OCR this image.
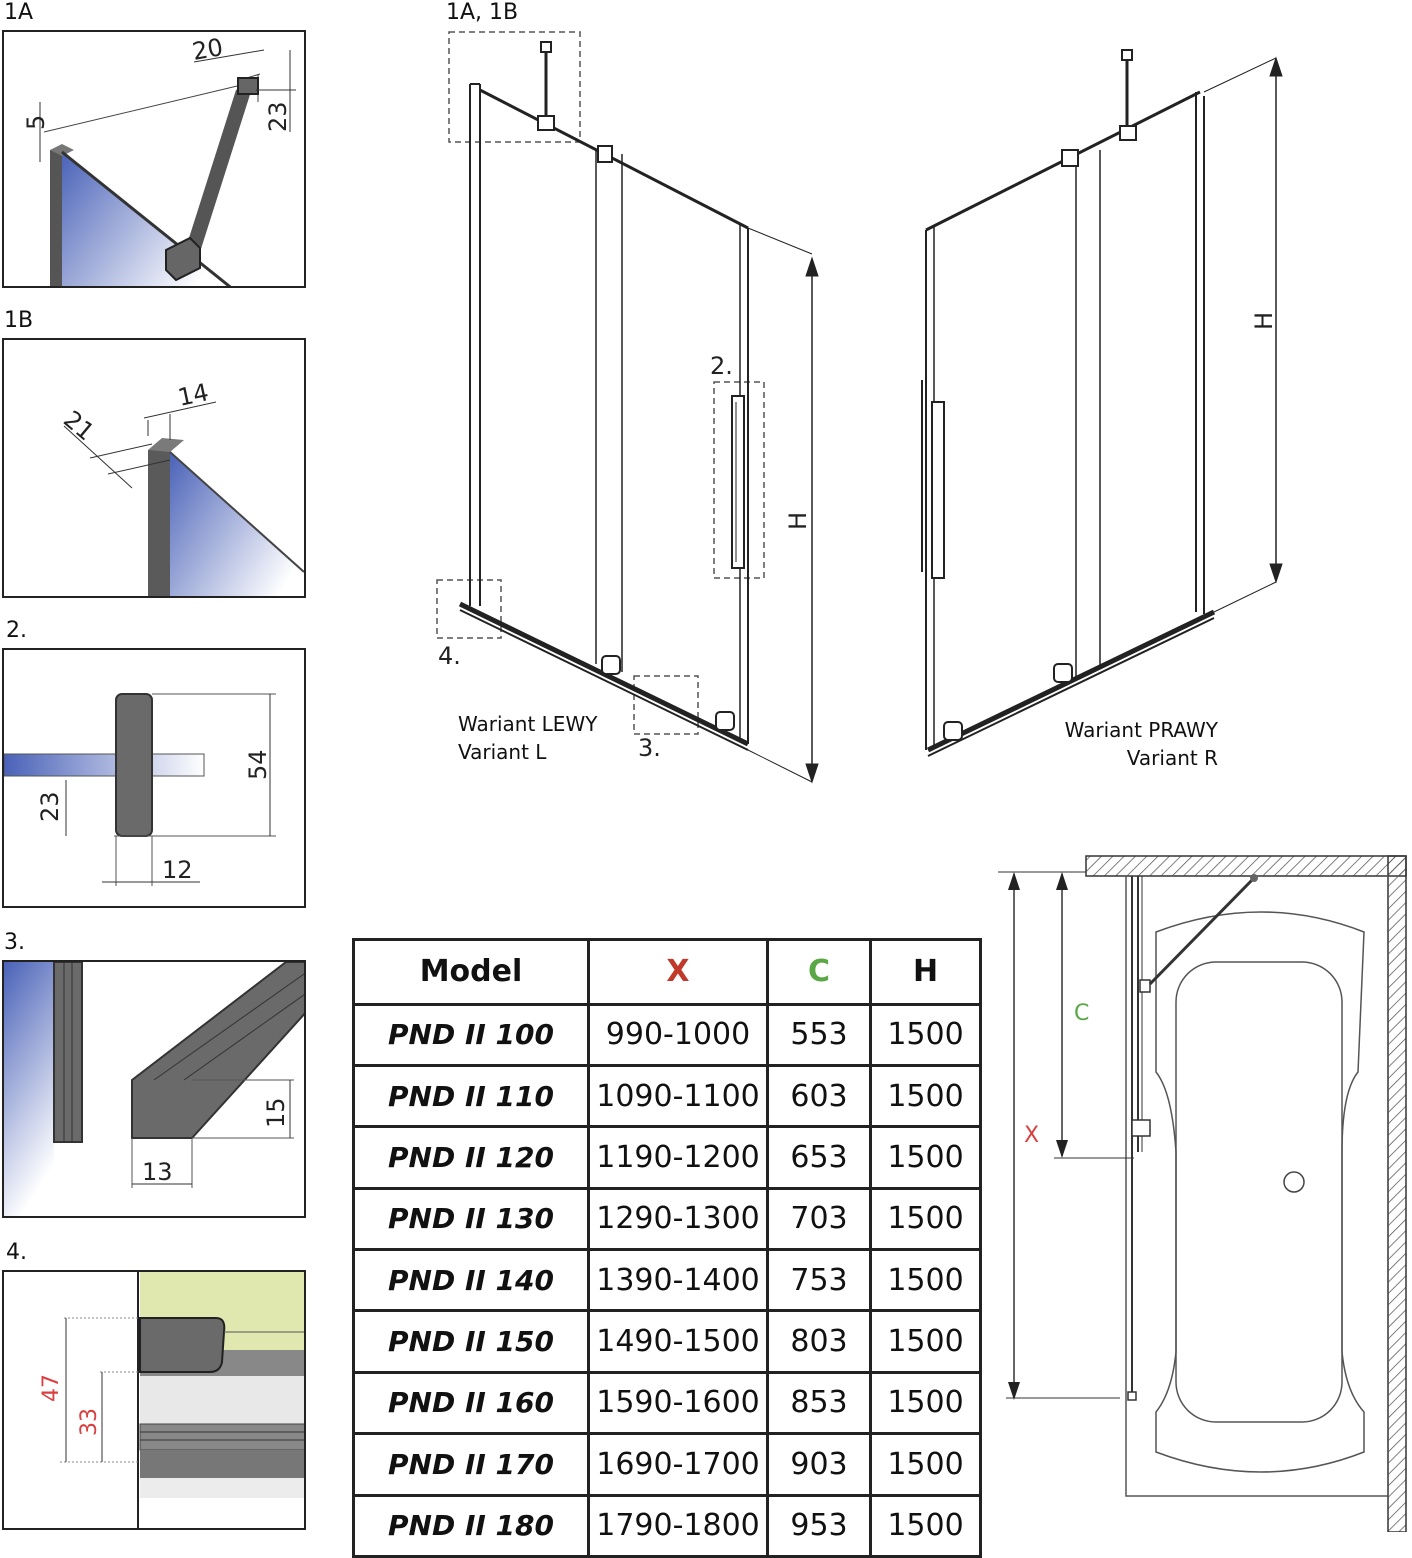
1A
20
23
5
1B
14
21
2.
54
23
12
3.
15
13
4.
47
33
1A, 1B
H
2.
4.
3.
H
Wariant LEWY
Variant L
Wariant PRAWY
Variant R
C
X
Model	X	C	H
PND II 100	990-1000	553	1500
PND II 110	1090-1100	603	1500
PND II 120	1190-1200	653	1500
PND II 130	1290-1300	703	1500
PND II 140	1390-1400	753	1500
PND II 150	1490-1500	803	1500
PND II 160	1590-1600	853	1500
PND II 170	1690-1700	903	1500
PND II 180	1790-1800	953	1500
